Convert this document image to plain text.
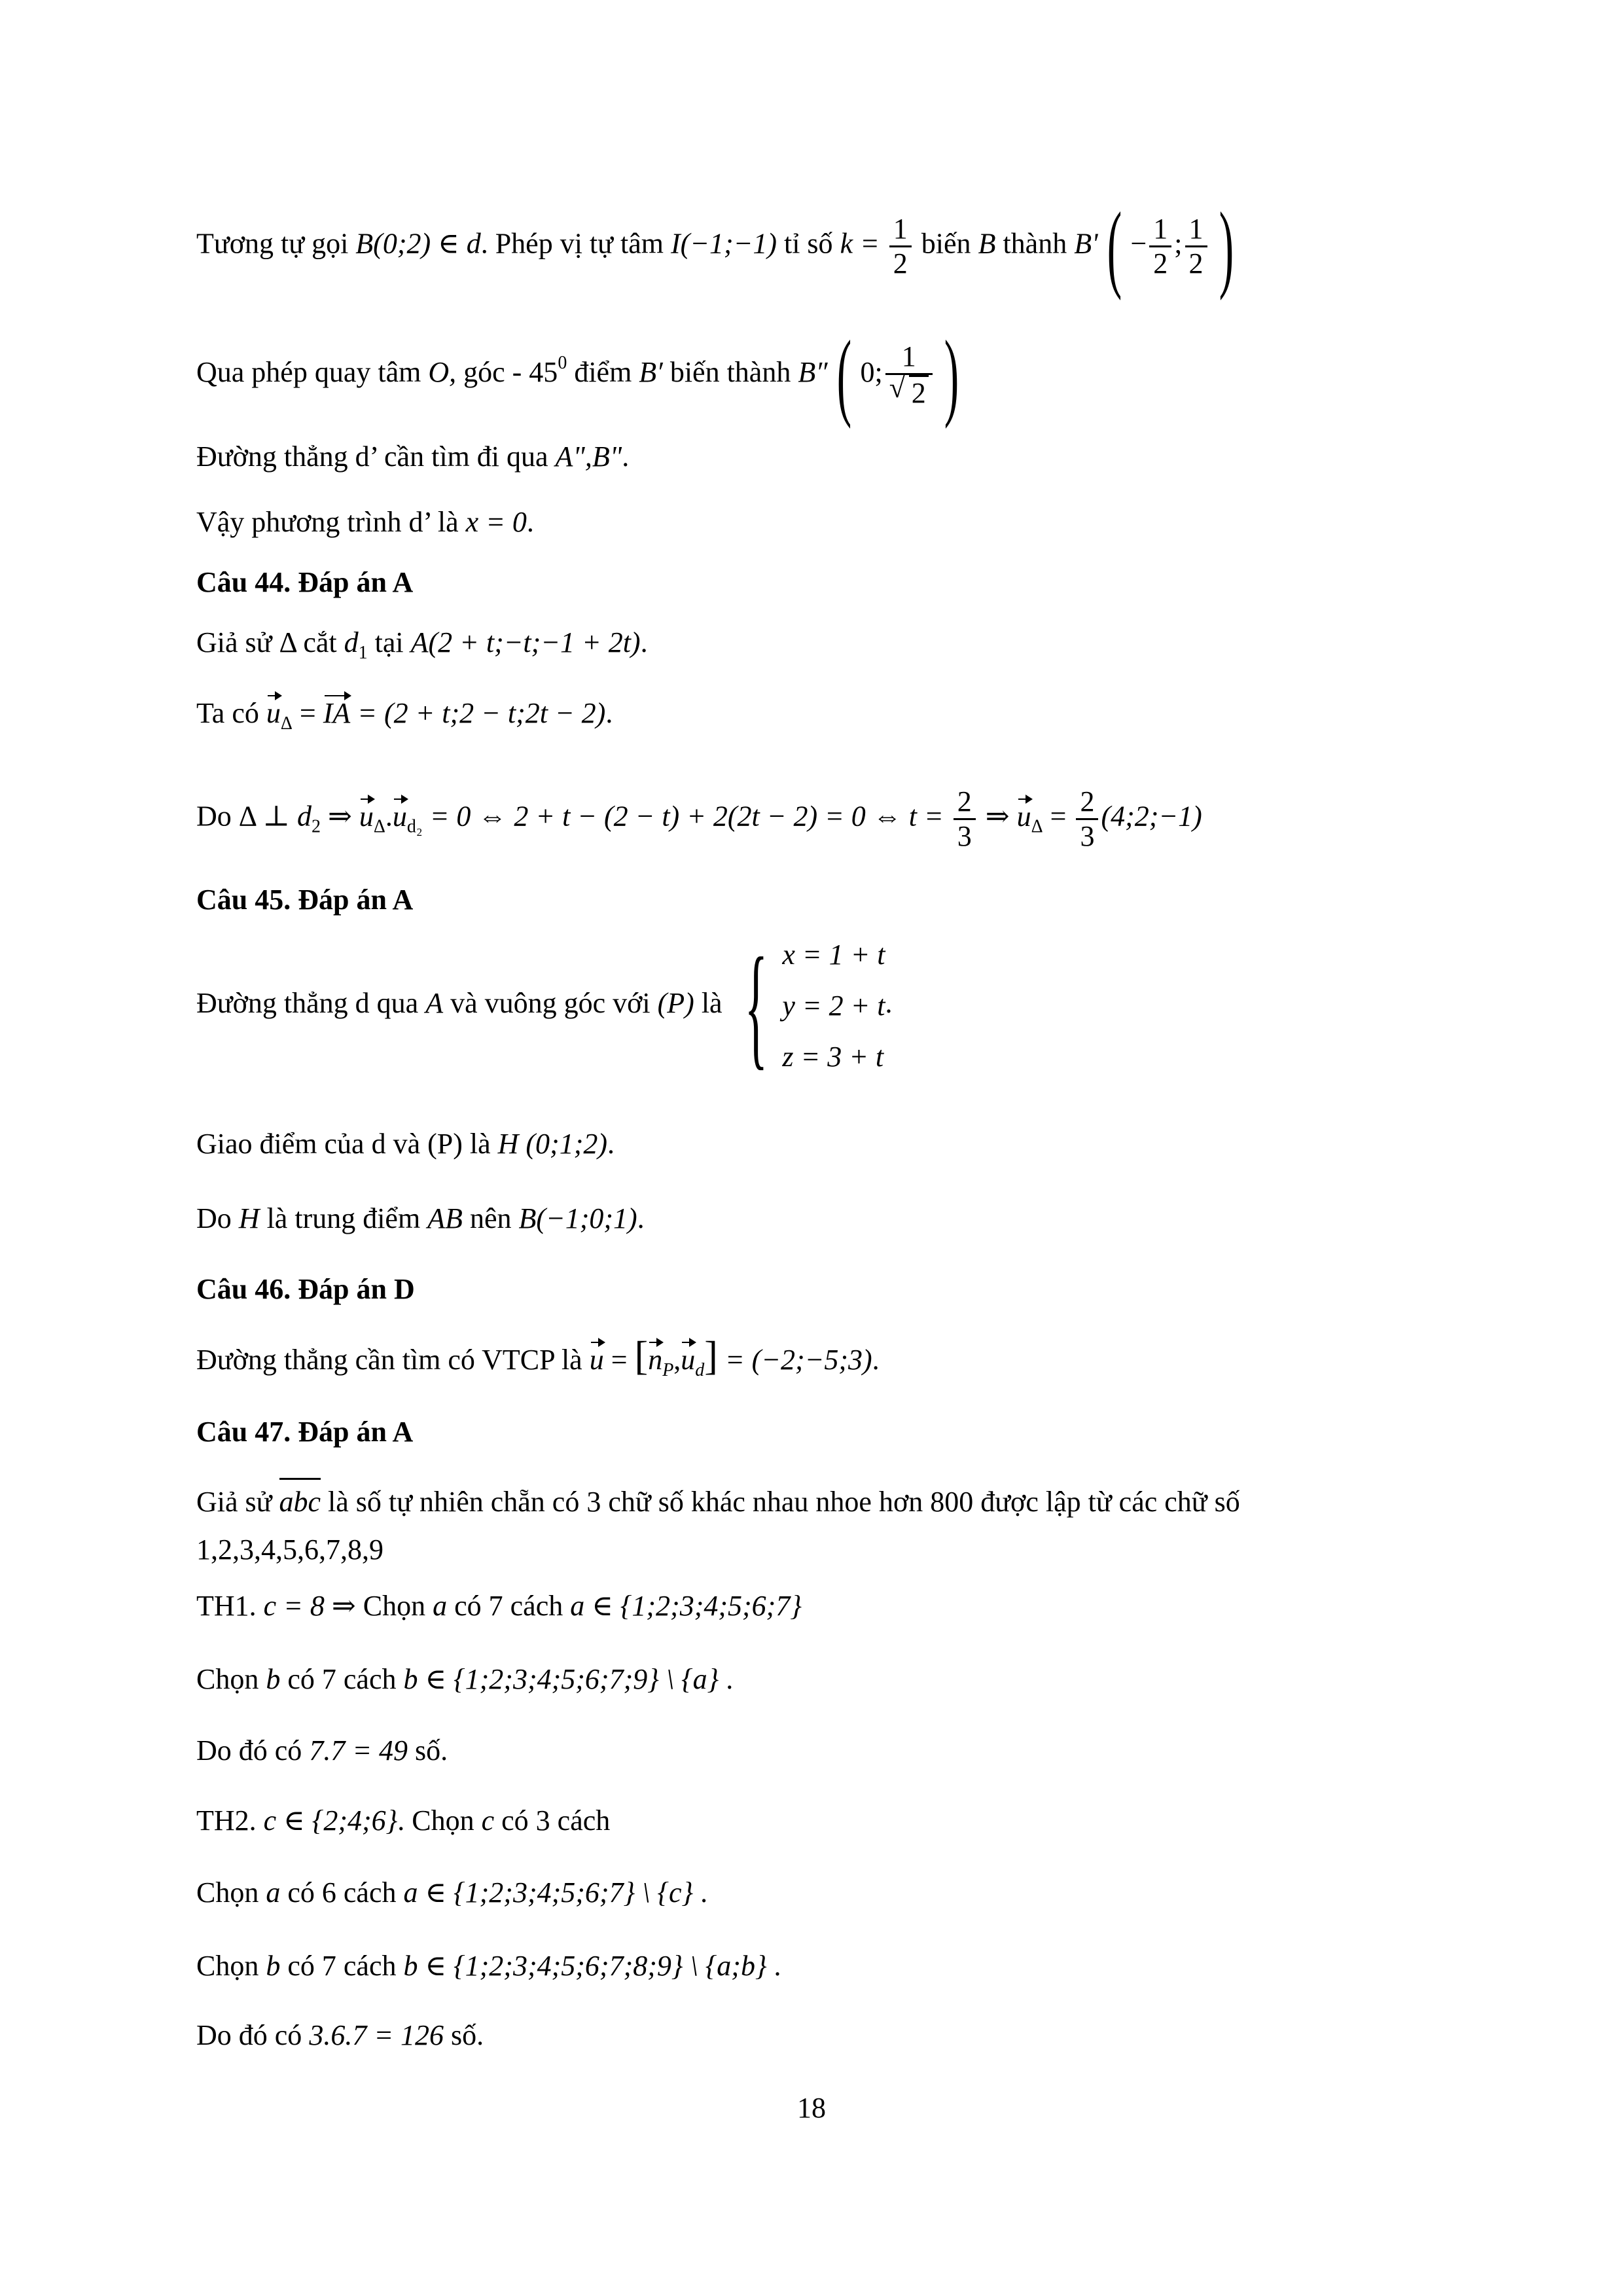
Tương tự gọi B(0;2) ∈ d. Phép vị tự tâm I(−1;−1) tỉ số $k = \frac{1}{2}$ biến B thành $B'( - \frac{1}{2}$ ; $\frac{1}{2}$ )
Qua phép quay tâm O, góc - $45^0$ điểm B′ biến thành B″( 0; 1
√ 2 )
Đường thẳng d’ cần tìm đi qua A",B".
Vậy phương trình d’ là x = 0.
Câu 44. Đáp án A
Giả sử Δ cắt $d_1$ tại A(2 + t;−t;−1 + 2t).
Ta có $u_\Delta$ = IA = (2 + t;2 − t;2t − 2).
Do Δ ⊥ $d_2$ ⇒ $u_\Delta.u_{d_2} = 0$ ⇔ 2 + t − (2 − t) + 2(2t − 2) = 0 ⇔ $t = \frac{2}{3}$ ⇒ $u_\Delta = \frac{2}{3}$ (4;2;−1)
Câu 45. Đáp án A
Đường thẳng d qua A và vuông góc với (P) là { x = 1 + t
y = 2 + t
z = 3 + t
.
Giao điểm của d và (P) là H (0;1;2).
Do H là trung điểm AB nên B(−1;0;1).
Câu 46. Đáp án D
Đường thẳng cần tìm có VTCP là $u = [n_P,u_d]$ = (−2;−5;3).
Câu 47. Đáp án A
Giả sử abc là số tự nhiên chẵn có 3 chữ số khác nhau nhoe hơn 800 được lập từ các chữ số
1,2,3,4,5,6,7,8,9
TH1. c = 8 ⇒ Chọn a có 7 cách a ∈ {1;2;3;4;5;6;7}
Chọn b có 7 cách b ∈ {1;2;3;4;5;6;7;9} \ {a} .
Do đó có 7.7 = 49 số.
TH2. c ∈ {2;4;6}. Chọn c có 3 cách
Chọn a có 6 cách a ∈ {1;2;3;4;5;6;7} \ {c} .
Chọn b có 7 cách b ∈ {1;2;3;4;5;6;7;8;9} \ {a;b} .
Do đó có 3.6.7 = 126 số.
18
